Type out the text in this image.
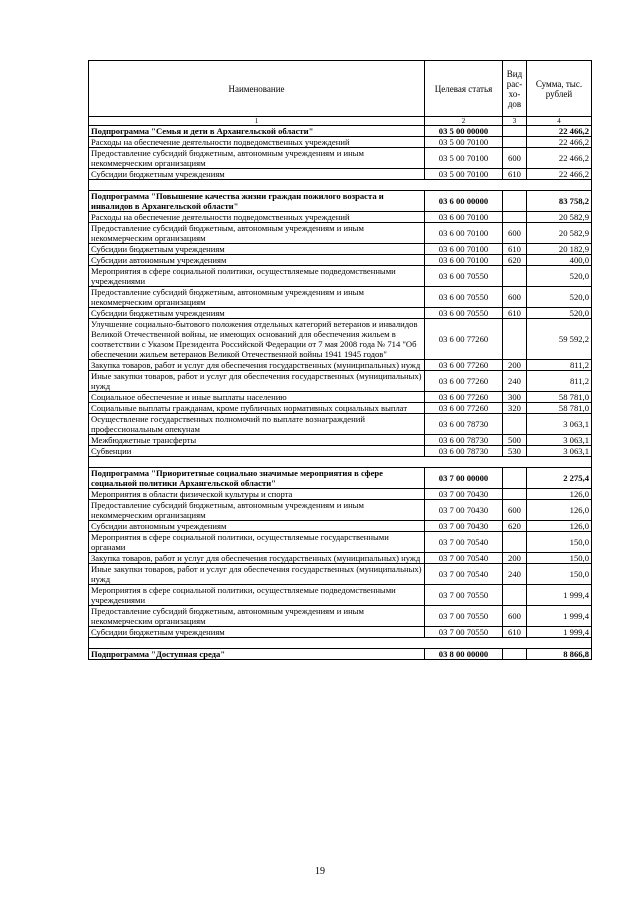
Наименование	Целевая статья	Вид рас-хо-дов	Сумма, тыс. рублей
1	2	3	4
Подпрограмма "Семья и дети в Архангельской области"	03 5 00 00000		22 466,2
Расходы на обеспечение деятельности подведомственных учреждений	03 5 00 70100		22 466,2
Предоставление субсидий бюджетным, автономным учреждениям и иным некоммерческим организациям	03 5 00 70100	600	22 466,2
Субсидии бюджетным учреждениям	03 5 00 70100	610	22 466,2

Подпрограмма "Повышение качества жизни граждан пожилого возраста и инвалидов в Архангельской области"	03 6 00 00000		83 758,2
Расходы на обеспечение деятельности подведомственных учреждений	03 6 00 70100		20 582,9
Предоставление субсидий бюджетным, автономным учреждениям и иным некоммерческим организациям	03 6 00 70100	600	20 582,9
Субсидии бюджетным учреждениям	03 6 00 70100	610	20 182,9
Субсидии автономным учреждениям	03 6 00 70100	620	400,0
Мероприятия в сфере социальной политики, осуществляемые подведомственными учреждениями	03 6 00 70550		520,0
Предоставление субсидий бюджетным, автономным учреждениям и иным некоммерческим организациям	03 6 00 70550	600	520,0
Субсидии бюджетным учреждениям	03 6 00 70550	610	520,0
Улучшение социально-бытового положения отдельных категорий ветеранов и инвалидов Великой Отечественной войны, не имеющих оснований для обеспечения жильем в соответствии с Указом Президента Российской Федерации от 7 мая 2008 года № 714 "Об обеспечении жильем ветеранов Великой Отечественной войны 1941 1945 годов"	03 6 00 77260		59 592,2
Закупка товаров, работ и услуг для обеспечения государственных (муниципальных) нужд	03 6 00 77260	200	811,2
Иные закупки товаров, работ и услуг для обеспечения государственных (муниципальных) нужд	03 6 00 77260	240	811,2
Социальное обеспечение и иные выплаты населению	03 6 00 77260	300	58 781,0
Социальные выплаты гражданам, кроме публичных нормативных социальных выплат	03 6 00 77260	320	58 781,0
Осуществление государственных полномочий по выплате вознаграждений профессиональным опекунам	03 6 00 78730		3 063,1
Межбюджетные трансферты	03 6 00 78730	500	3 063,1
Субвенции	03 6 00 78730	530	3 063,1

Подпрограмма "Приоритетные социально значимые мероприятия в сфере социальной политики Архангельской области"	03 7 00 00000		2 275,4
Мероприятия в области физической культуры и спорта	03 7 00 70430		126,0
Предоставление субсидий бюджетным, автономным учреждениям и иным некоммерческим организациям	03 7 00 70430	600	126,0
Субсидии автономным учреждениям	03 7 00 70430	620	126,0
Мероприятия в сфере социальной политики, осуществляемые государственными органами	03 7 00 70540		150,0
Закупка товаров, работ и услуг для обеспечения государственных (муниципальных) нужд	03 7 00 70540	200	150,0
Иные закупки товаров, работ и услуг для обеспечения государственных (муниципальных) нужд	03 7 00 70540	240	150,0
Мероприятия в сфере социальной политики, осуществляемые подведомственными учреждениями	03 7 00 70550		1 999,4
Предоставление субсидий бюджетным, автономным учреждениям и иным некоммерческим организациям	03 7 00 70550	600	1 999,4
Субсидии бюджетным учреждениям	03 7 00 70550	610	1 999,4

Подпрограмма "Доступная среда"	03 8 00 00000		8 866,8
19
